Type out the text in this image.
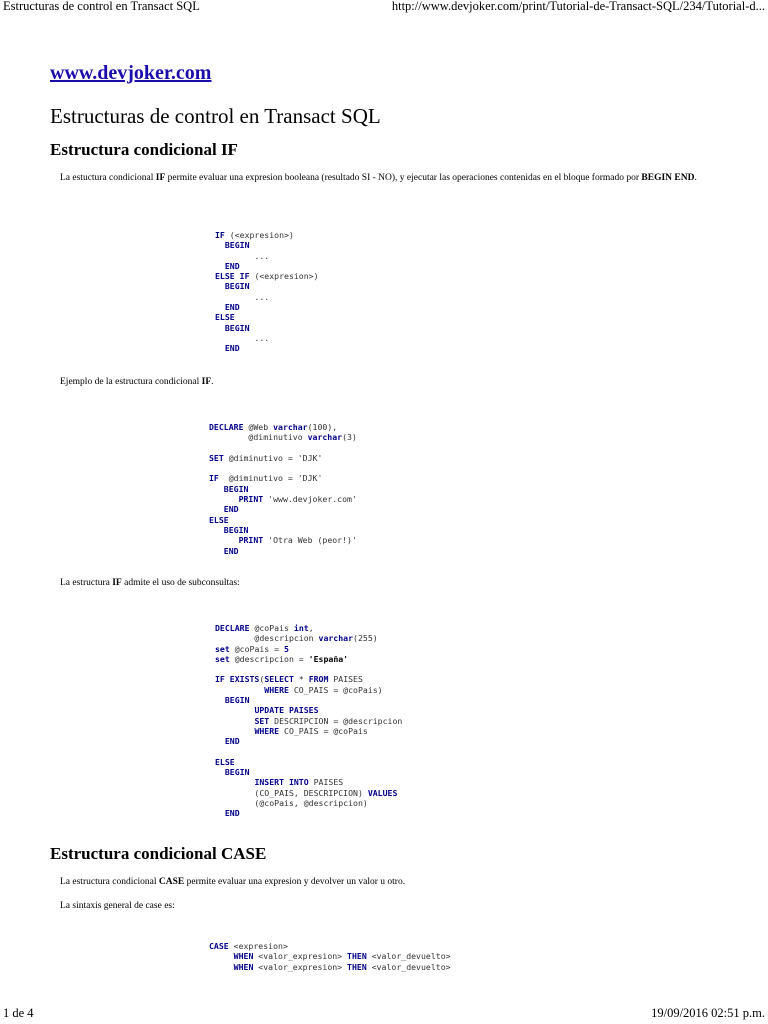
Estructuras de control en Transact SQL	http://www.devjoker.com/print/Tutorial-de-Transact-SQL/234/Tutorial-d...
www.devjoker.com
Estructuras de control en Transact SQL
Estructura condicional IF

La estuctura condicional IF permite evaluar una expresion booleana (resultado SI - NO), y ejecutar las operaciones contenidas en el bloque formado por BEGIN END.

IF (<expresion>)
BEGIN
...
END
ELSE IF (<expresion>)
BEGIN
...
END
ELSE
BEGIN
...
END

Ejemplo de la estructura condicional IF.

DECLARE @Web varchar(100),
@diminutivo varchar(3)

SET @diminutivo = 'DJK'

IF  @diminutivo = 'DJK'
BEGIN
PRINT 'www.devjoker.com'
END
ELSE
BEGIN
PRINT 'Otra Web (peor!)'
END

La estructura IF admite el uso de subconsultas:

DECLARE @coPais int,
@descripcion varchar(255)
set @coPais = 5
set @descripcion = 'España'

IF EXISTS(SELECT * FROM PAISES
WHERE CO_PAIS = @coPais)
BEGIN
UPDATE PAISES
SET DESCRIPCION = @descripcion
WHERE CO_PAIS = @coPais
END

ELSE
BEGIN
INSERT INTO PAISES
(CO_PAIS, DESCRIPCION) VALUES
(@coPais, @descripcion)
END
Estructura condicional CASE

La estructura condicional CASE permite evaluar una expresion y devolver un valor u otro.

La sintaxis general de case es:

CASE <expresion>
WHEN <valor_expresion> THEN <valor_devuelto>
WHEN <valor_expresion> THEN <valor_devuelto>
1 de 4	19/09/2016 02:51 p.m.
